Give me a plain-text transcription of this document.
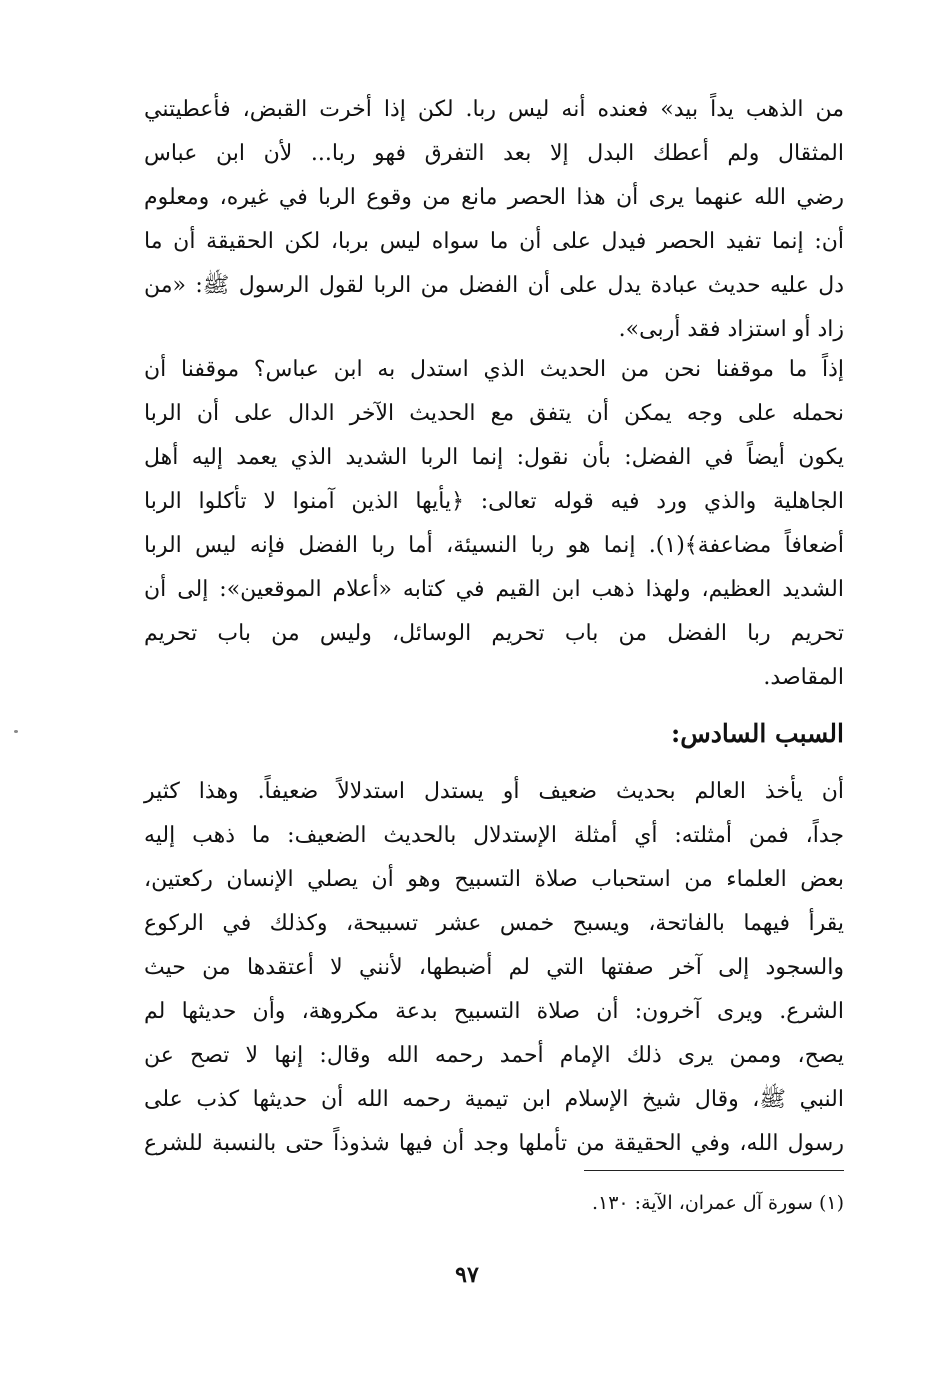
من الذهب يداً بيد» فعنده أنه ليس ربا. لكن إذا أخرت القبض، فأعطيتني
المثقال ولم أعطك البدل إلا بعد التفرق فهو ربا... لأن ابن عباس
رضي الله عنهما يرى أن هذا الحصر مانع من وقوع الربا في غيره، ومعلوم
أن: إنما تفيد الحصر فيدل على أن ما سواه ليس بربا، لكن الحقيقة أن ما
دل عليه حديث عبادة يدل على أن الفضل من الربا لقول الرسول ﷺ: «من
زاد أو استزاد فقد أربى».
إذاً ما موقفنا نحن من الحديث الذي استدل به ابن عباس؟ موقفنا أن
نحمله على وجه يمكن أن يتفق مع الحديث الآخر الدال على أن الربا
يكون أيضاً في الفضل: بأن نقول: إنما الربا الشديد الذي يعمد إليه أهل
الجاهلية والذي ورد فيه قوله تعالى: ﴿يأيها الذين آمنوا لا تأكلوا الربا
أضعافاً مضاعفة﴾(١). إنما هو ربا النسيئة، أما ربا الفضل فإنه ليس الربا
الشديد العظيم، ولهذا ذهب ابن القيم في كتابه «أعلام الموقعين»: إلى أن
تحريم ربا الفضل من باب تحريم الوسائل، وليس من باب تحريم
المقاصد.
السبب السادس:
أن يأخذ العالم بحديث ضعيف أو يستدل استدلالاً ضعيفاً. وهذا كثير
جداً، فمن أمثلته: أي أمثلة الإستدلال بالحديث الضعيف: ما ذهب إليه
بعض العلماء من استحباب صلاة التسبيح وهو أن يصلي الإنسان ركعتين،
يقرأ فيهما بالفاتحة، ويسبح خمس عشر تسبيحة، وكذلك في الركوع
والسجود إلى آخر صفتها التي لم أضبطها، لأنني لا أعتقدها من حيث
الشرع. ويرى آخرون: أن صلاة التسبيح بدعة مكروهة، وأن حديثها لم
يصح، وممن يرى ذلك الإمام أحمد رحمه الله وقال: إنها لا تصح عن
النبي ﷺ، وقال شيخ الإسلام ابن تيمية رحمه الله أن حديثها كذب على
رسول الله، وفي الحقيقة من تأملها وجد أن فيها شذوذاً حتى بالنسبة للشرع
(١) سورة آل عمران، الآية: ١٣٠.
٩٧
